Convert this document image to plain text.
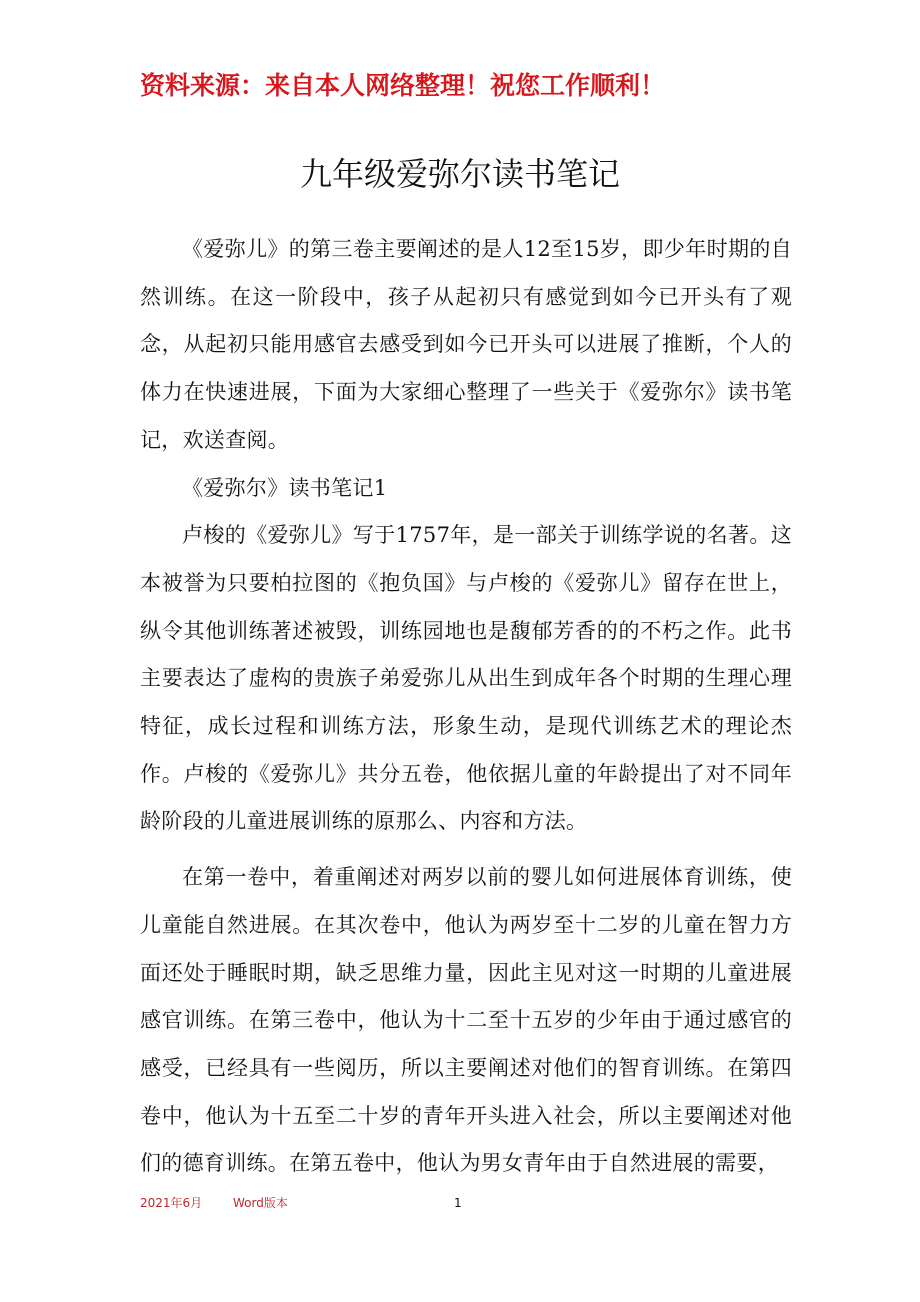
资料来源：来自本人网络整理！祝您工作顺利！
九年级爱弥尔读书笔记

《爱弥儿》的第三卷主要阐述的是人12至15岁，即少年时期的自然训练。在这一阶段中，孩子从起初只有感觉到如今已开头有了观念，从起初只能用感官去感受到如今已开头可以进展了推断，个人的体力在快速进展，下面为大家细心整理了一些关于《爱弥尔》读书笔记，欢送查阅。

《爱弥尔》读书笔记1

卢梭的《爱弥儿》写于1757年，是一部关于训练学说的名著。这本被誉为只要柏拉图的《抱负国》与卢梭的《爱弥儿》留存在世上，纵令其他训练著述被毁，训练园地也是馥郁芳香的的不朽之作。此书主要表达了虚构的贵族子弟爱弥儿从出生到成年各个时期的生理心理特征，成长过程和训练方法，形象生动，是现代训练艺术的理论杰作。卢梭的《爱弥儿》共分五卷，他依据儿童的年龄提出了对不同年龄阶段的儿童进展训练的原那么、内容和方法。

在第一卷中，着重阐述对两岁以前的婴儿如何进展体育训练，使儿童能自然进展。在其次卷中，他认为两岁至十二岁的儿童在智力方面还处于睡眠时期，缺乏思维力量，因此主见对这一时期的儿童进展感官训练。在第三卷中，他认为十二至十五岁的少年由于通过感官的感受，已经具有一些阅历，所以主要阐述对他们的智育训练。在第四卷中，他认为十五至二十岁的青年开头进入社会，所以主要阐述对他们的德育训练。在第五卷中，他认为男女青年由于自然进展的需要，

2021年6月	Word版本	1
